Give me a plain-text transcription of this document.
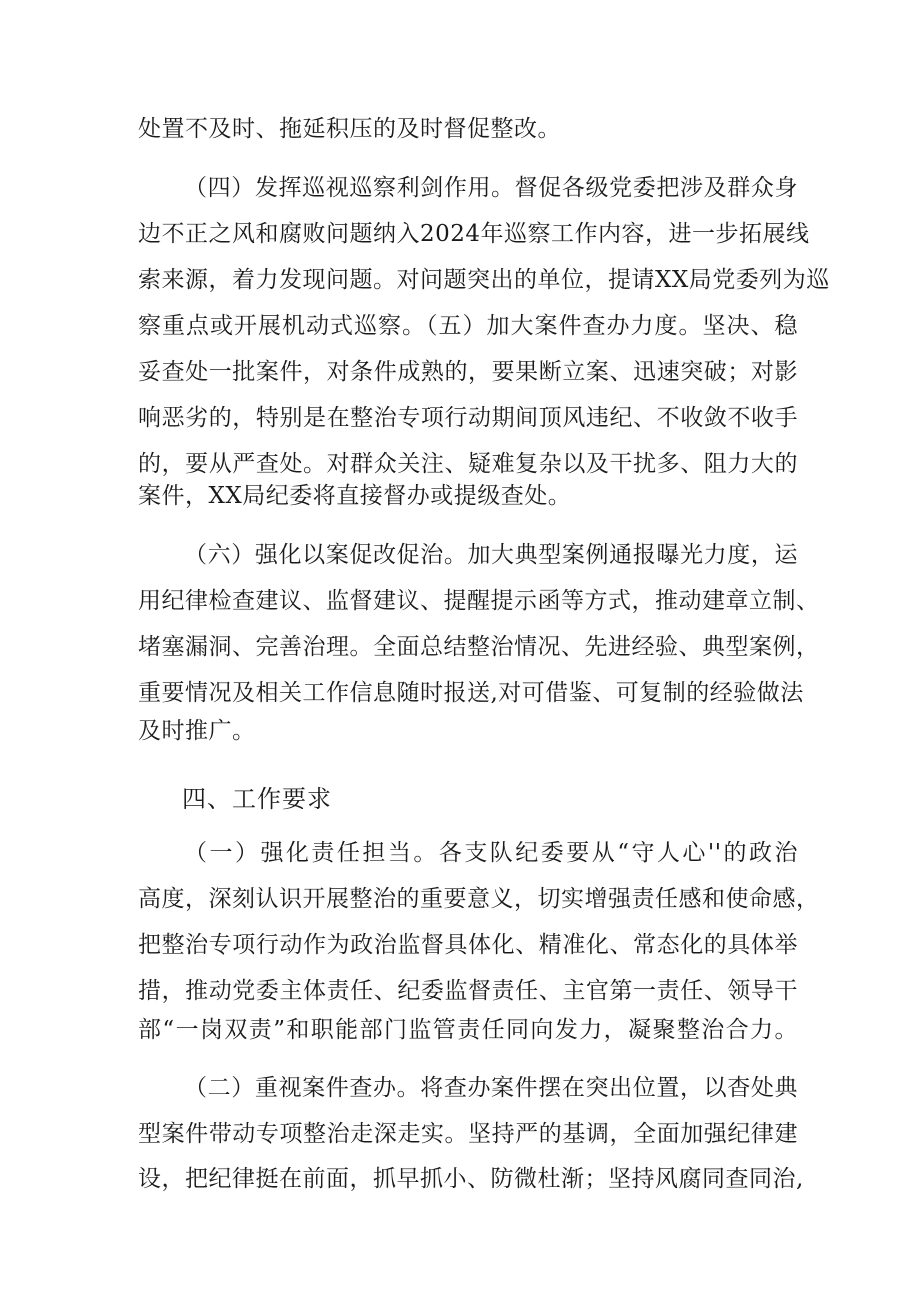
处置不及时、拖延积压的及时督促整改。
（四）发挥巡视巡察利剑作用。督促各级党委把涉及群众身
边不正之风和腐败问题纳入2024年巡察工作内容，进一步拓展线
索来源，着力发现问题。对问题突出的单位，提请XX局党委列为巡
察重点或开展机动式巡察。（五）加大案件查办力度。坚决、稳
妥查处一批案件，对条件成熟的，要果断立案、迅速突破；对影
响恶劣的，特别是在整治专项行动期间顶风违纪、不收敛不收手
的，要从严查处。对群众关注、疑难复杂以及干扰多、阻力大的
案件，XX局纪委将直接督办或提级查处。
（六）强化以案促改促治。加大典型案例通报曝光力度，运
用纪律检查建议、监督建议、提醒提示函等方式，推动建章立制、
堵塞漏洞、完善治理。全面总结整治情况、先进经验、典型案例，
重要情况及相关工作信息随时报送,对可借鉴、可复制的经验做法
及时推广。
四、工作要求
（一）强化责任担当。各支队纪委要从“守人心''的政治
高度，深刻认识开展整治的重要意义，切实增强责任感和使命感，
把整治专项行动作为政治监督具体化、精准化、常态化的具体举
措，推动党委主体责任、纪委监督责任、主官第一责任、领导干
部“一岗双责”和职能部门监管责任同向发力，凝聚整治合力。
（二）重视案件查办。将查办案件摆在突出位置，以杳处典
型案件带动专项整治走深走实。坚持严的基调，全面加强纪律建
设，把纪律挺在前面，抓早抓小、防微杜渐；坚持风腐同查同治,
